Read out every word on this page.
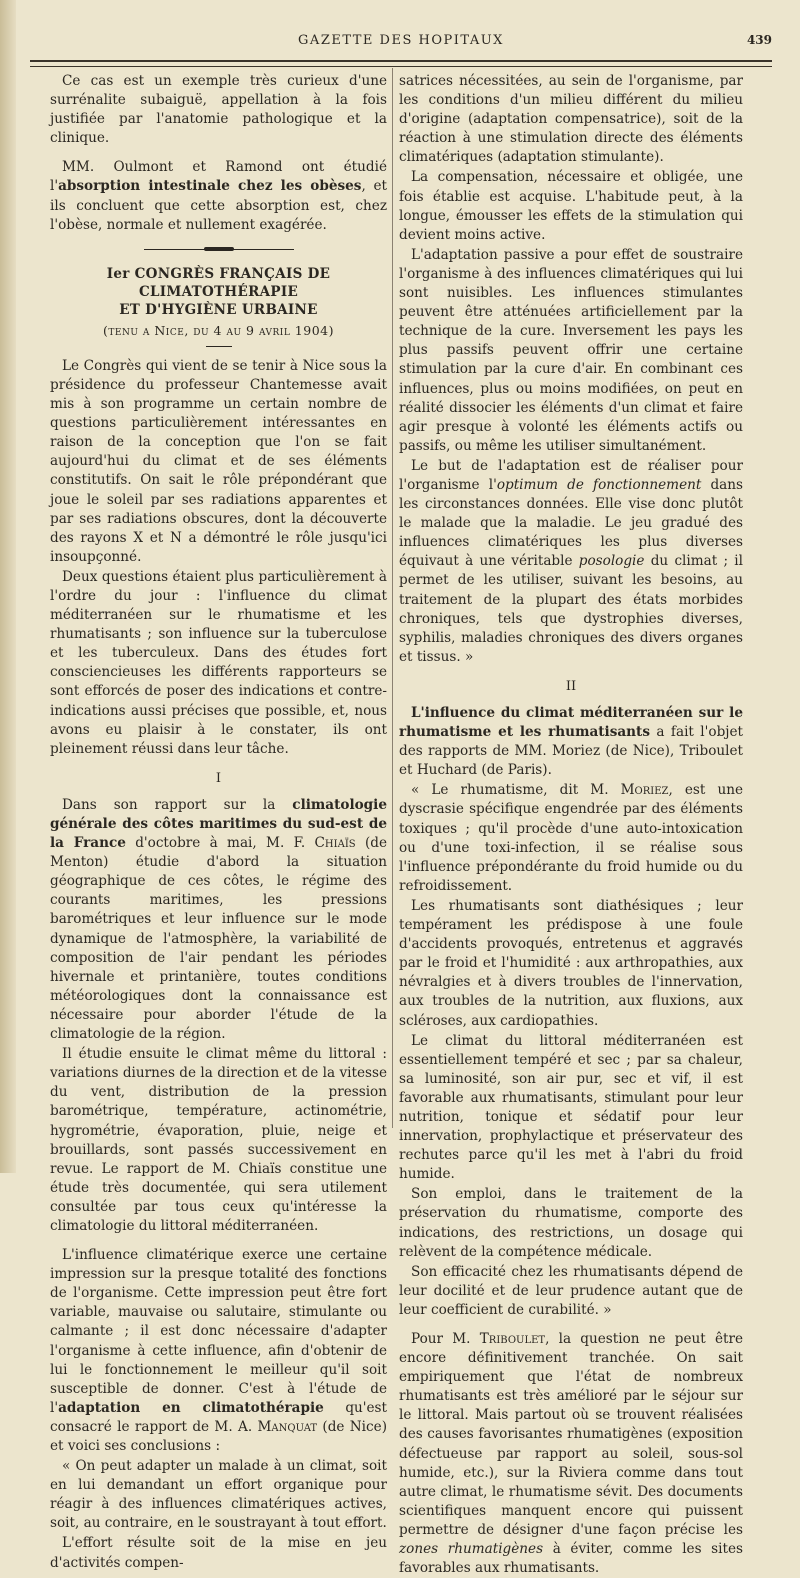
GAZETTE DES HOPITAUX	439

Ce cas est un exemple très curieux d'une surrénalite subaiguë, appellation à la fois justifiée par l'anatomie pathologique et la clinique.

MM. Oulmont et Ramond ont étudié l'absorption intestinale chez les obèses, et ils concluent que cette absorption est, chez l'obèse, normale et nullement exagérée.

Ier CONGRÈS FRANÇAIS DE CLIMATOTHÉRAPIE
ET D'HYGIÈNE URBAINE
(tenu a Nice, du 4 au 9 avril 1904)

Le Congrès qui vient de se tenir à Nice sous la présidence du professeur Chantemesse avait mis à son programme un certain nombre de questions particulièrement intéressantes en raison de la conception que l'on se fait aujourd'hui du climat et de ses éléments constitutifs. On sait le rôle prépondérant que joue le soleil par ses radiations apparentes et par ses radiations obscures, dont la découverte des rayons X et N a démontré le rôle jusqu'ici insoupçonné.

Deux questions étaient plus particulièrement à l'ordre du jour : l'influence du climat méditerranéen sur le rhumatisme et les rhumatisants ; son influence sur la tuberculose et les tuberculeux. Dans des études fort consciencieuses les différents rapporteurs se sont efforcés de poser des indications et contre-indications aussi précises que possible, et, nous avons eu plaisir à le constater, ils ont pleinement réussi dans leur tâche.

I

Dans son rapport sur la climatologie générale des côtes maritimes du sud-est de la France d'octobre à mai, M. F. Chiaïs (de Menton) étudie d'abord la situation géographique de ces côtes, le régime des courants maritimes, les pressions barométriques et leur influence sur le mode dynamique de l'atmosphère, la variabilité de composition de l'air pendant les périodes hivernale et printanière, toutes conditions météorologiques dont la connaissance est nécessaire pour aborder l'étude de la climatologie de la région.

Il étudie ensuite le climat même du littoral : variations diurnes de la direction et de la vitesse du vent, distribution de la pression barométrique, température, actinométrie, hygrométrie, évaporation, pluie, neige et brouillards, sont passés successivement en revue. Le rapport de M. Chiaïs constitue une étude très documentée, qui sera utilement consultée par tous ceux qu'intéresse la climatologie du littoral méditerranéen.

L'influence climatérique exerce une certaine impression sur la presque totalité des fonctions de l'organisme. Cette impression peut être fort variable, mauvaise ou salutaire, stimulante ou calmante ; il est donc nécessaire d'adapter l'organisme à cette influence, afin d'obtenir de lui le fonctionnement le meilleur qu'il soit susceptible de donner. C'est à l'étude de l'adaptation en climatothérapie qu'est consacré le rapport de M. A. Manquat (de Nice) et voici ses conclusions :

« On peut adapter un malade à un climat, soit en lui demandant un effort organique pour réagir à des influences climatériques actives, soit, au contraire, en le soustrayant à tout effort.

L'effort résulte soit de la mise en jeu d'activités compen-

satrices nécessitées, au sein de l'organisme, par les conditions d'un milieu différent du milieu d'origine (adaptation compensatrice), soit de la réaction à une stimulation directe des éléments climatériques (adaptation stimulante).

La compensation, nécessaire et obligée, une fois établie est acquise. L'habitude peut, à la longue, émousser les effets de la stimulation qui devient moins active.

L'adaptation passive a pour effet de soustraire l'organisme à des influences climatériques qui lui sont nuisibles. Les influences stimulantes peuvent être atténuées artificiellement par la technique de la cure. Inversement les pays les plus passifs peuvent offrir une certaine stimulation par la cure d'air. En combinant ces influences, plus ou moins modifiées, on peut en réalité dissocier les éléments d'un climat et faire agir presque à volonté les éléments actifs ou passifs, ou même les utiliser simultanément.

Le but de l'adaptation est de réaliser pour l'organisme l'optimum de fonctionnement dans les circonstances données. Elle vise donc plutôt le malade que la maladie. Le jeu gradué des influences climatériques les plus diverses équivaut à une véritable posologie du climat ; il permet de les utiliser, suivant les besoins, au traitement de la plupart des états morbides chroniques, tels que dystrophies diverses, syphilis, maladies chroniques des divers organes et tissus. »

II

L'influence du climat méditerranéen sur le rhumatisme et les rhumatisants a fait l'objet des rapports de MM. Moriez (de Nice), Triboulet et Huchard (de Paris).

« Le rhumatisme, dit M. Moriez, est une dyscrasie spécifique engendrée par des éléments toxiques ; qu'il procède d'une auto-intoxication ou d'une toxi-infection, il se réalise sous l'influence prépondérante du froid humide ou du refroidissement.

Les rhumatisants sont diathésiques ; leur tempérament les prédispose à une foule d'accidents provoqués, entretenus et aggravés par le froid et l'humidité : aux arthropathies, aux névralgies et à divers troubles de l'innervation, aux troubles de la nutrition, aux fluxions, aux scléroses, aux cardiopathies.

Le climat du littoral méditerranéen est essentiellement tempéré et sec ; par sa chaleur, sa luminosité, son air pur, sec et vif, il est favorable aux rhumatisants, stimulant pour leur nutrition, tonique et sédatif pour leur innervation, prophylactique et préservateur des rechutes parce qu'il les met à l'abri du froid humide.

Son emploi, dans le traitement de la préservation du rhumatisme, comporte des indications, des restrictions, un dosage qui relèvent de la compétence médicale.

Son efficacité chez les rhumatisants dépend de leur docilité et de leur prudence autant que de leur coefficient de curabilité. »

Pour M. Triboulet, la question ne peut être encore définitivement tranchée. On sait empiriquement que l'état de nombreux rhumatisants est très amélioré par le séjour sur le littoral. Mais partout où se trouvent réalisées des causes favorisantes rhumatigènes (exposition défectueuse par rapport au soleil, sous-sol humide, etc.), sur la Riviera comme dans tout autre climat, le rhumatisme sévit. Des documents scientifiques manquent encore qui puissent permettre de désigner d'une façon précise les zones rhumatigènes à éviter, comme les sites favorables aux rhumatisants.
